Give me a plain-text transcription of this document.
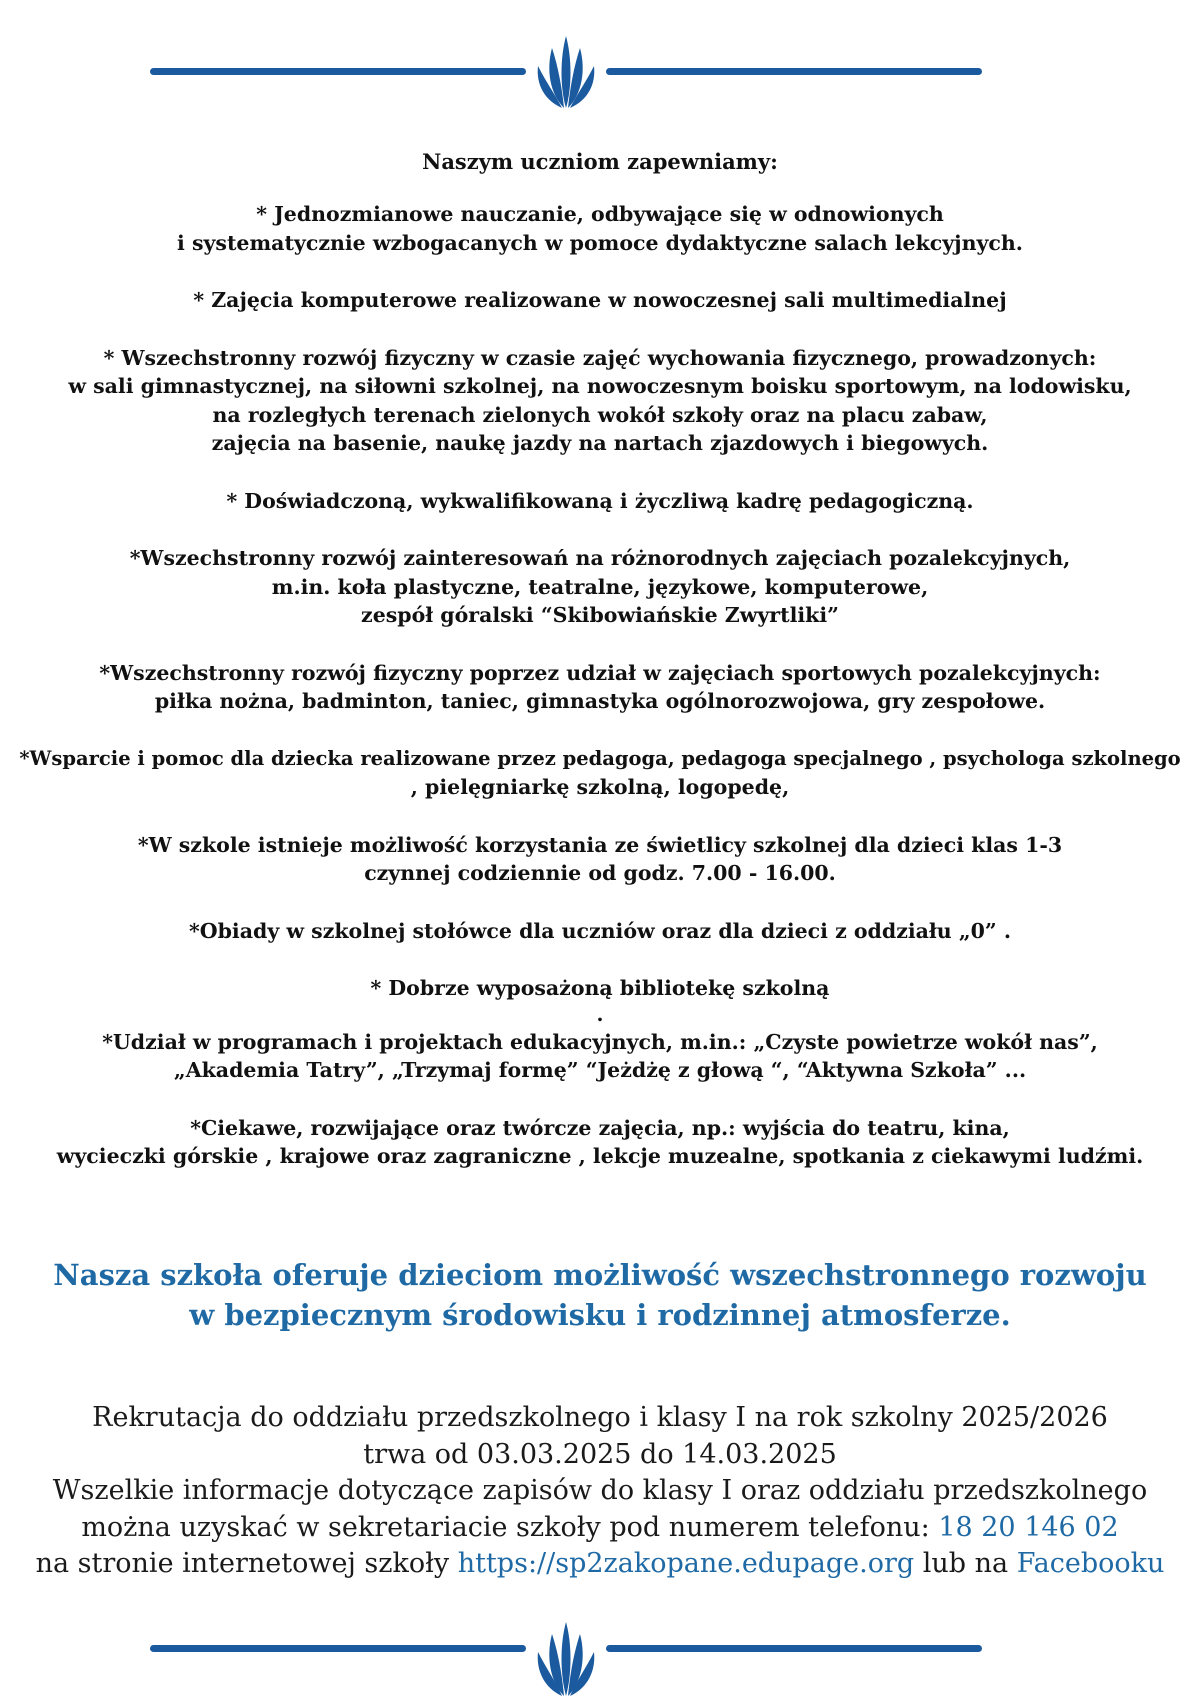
Naszym uczniom zapewniamy:
* Jednozmianowe nauczanie, odbywające się w odnowionych
i systematycznie wzbogacanych w pomoce dydaktyczne salach lekcyjnych.
* Zajęcia komputerowe realizowane w nowoczesnej sali multimedialnej
* Wszechstronny rozwój fizyczny w czasie zajęć wychowania fizycznego, prowadzonych:
w sali gimnastycznej, na siłowni szkolnej, na nowoczesnym boisku sportowym, na lodowisku,
na rozległych terenach zielonych wokół szkoły oraz na placu zabaw,
zajęcia na basenie, naukę jazdy na nartach zjazdowych i biegowych.
* Doświadczoną, wykwalifikowaną i życzliwą kadrę pedagogiczną.
*Wszechstronny rozwój zainteresowań na różnorodnych zajęciach pozalekcyjnych,
m.in. koła plastyczne, teatralne, językowe, komputerowe,
zespół góralski “Skibowiańskie Zwyrtliki”
*Wszechstronny rozwój fizyczny poprzez udział w zajęciach sportowych pozalekcyjnych:
piłka nożna, badminton, taniec, gimnastyka ogólnorozwojowa, gry zespołowe.
*Wsparcie i pomoc dla dziecka realizowane przez pedagoga, pedagoga specjalnego , psychologa szkolnego
, pielęgniarkę szkolną, logopedę,
*W szkole istnieje możliwość korzystania ze świetlicy szkolnej dla dzieci klas 1-3
czynnej codziennie od godz. 7.00 - 16.00.
*Obiady w szkolnej stołówce dla uczniów oraz dla dzieci z oddziału „0” .
* Dobrze wyposażoną bibliotekę szkolną
.
*Udział w programach i projektach edukacyjnych, m.in.: „Czyste powietrze wokół nas”,
„Akademia Tatry”, „Trzymaj formę” “Jeżdżę z głową “, “Aktywna Szkoła” ...
*Ciekawe, rozwijające oraz twórcze zajęcia, np.: wyjścia do teatru, kina,
wycieczki górskie , krajowe oraz zagraniczne , lekcje muzealne, spotkania z ciekawymi ludźmi.
Nasza szkoła oferuje dzieciom możliwość wszechstronnego rozwoju
w bezpiecznym środowisku i rodzinnej atmosferze.
Rekrutacja do oddziału przedszkolnego i klasy I na rok szkolny 2025/2026
trwa od 03.03.2025 do 14.03.2025
Wszelkie informacje dotyczące zapisów do klasy I oraz oddziału przedszkolnego
można uzyskać w sekretariacie szkoły pod numerem telefonu: 18 20 146 02
na stronie internetowej szkoły https://sp2zakopane.edupage.org lub na Facebooku
